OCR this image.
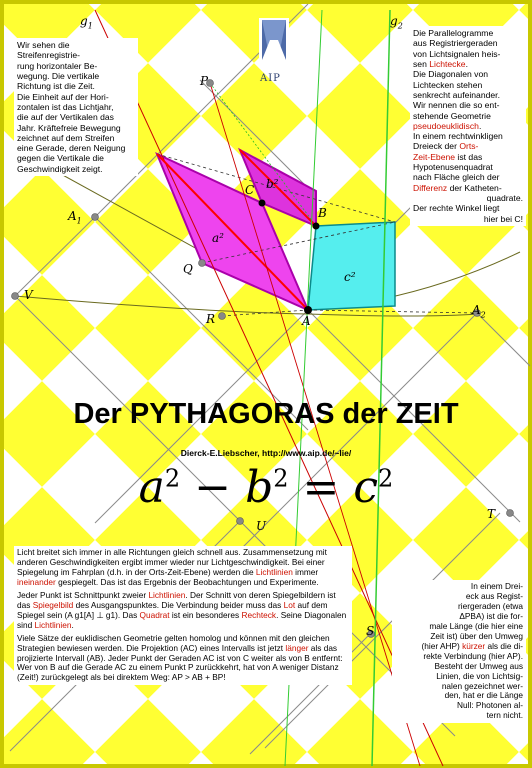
AIP
$g_1$	$g_2$
P
C
B
A
$A_1$
$A_2$
Q
R
V
U
T
S
a²
b²
c²
Der PYTHAGORAS der ZEIT
Dierck-E.Liebscher, http://www.aip.de/~lie/
$a^2 - b^2 = c^2$
Wir sehen die
Streifenregistrie-
rung horizontaler Be-
wegung. Die vertikale
Richtung ist die Zeit.
Die Einheit auf der Hori-
zontalen ist das Lichtjahr,
die auf der Vertikalen das
Jahr. Kräftefreie Bewegung
zeichnet auf dem Streifen
eine Gerade, deren Neigung
gegen die Vertikale die
Geschwindigkeit zeigt.
Die Parallelogramme
aus Registriergeraden
von Lichtsignalen heis-
sen Lichtecke.
Die Diagonalen von
Lichtecken stehen
senkrecht aufeinander.
Wir nennen die so ent-
stehende Geometrie
pseudoeuklidisch.
In einem rechtwinkligen
Dreieck der Orts-
Zeit-Ebene ist das
Hypotenusenquadrat
nach Fläche gleich der
Differenz der Katheten-
quadrate.
Der rechte Winkel liegt
hier bei C!

Licht breitet sich immer in alle Richtungen gleich schnell aus. Zusammensetzung mit anderen Geschwindigkeiten ergibt immer wieder nur Lichtgeschwindigkeit. Bei einer Spiegelung im Fahrplan (d.h. in der Orts-Zeit-Ebene) werden die Lichtlinien immer ineinander gespiegelt. Das ist das Ergebnis der Beobachtungen und Experimente.

Jeder Punkt ist Schnittpunkt zweier Lichtlinien. Der Schnitt von deren Spiegelbildern ist das Spiegelbild des Ausgangspunktes. Die Verbindung beider muss das Lot auf dem Spiegel sein (A g1[A] ⊥ g1). Das Quadrat ist ein besonderes Rechteck. Seine Diagonalen sind Lichtlinien.

Viele Sätze der euklidischen Geometrie gelten homolog und können mit den gleichen Strategien bewiesen werden. Die Projektion (AC) eines Intervalls ist jetzt länger als das projizierte Intervall (AB). Jeder Punkt der Geraden AC ist von C weiter als von B entfernt: Wer von B auf die Gerade AC zu einem Punkt P zurückkehrt, hat von A weniger Distanz (Zeit!) zurückgelegt als bei direktem Weg: AP > AB + BP!

In einem Drei-
eck aus Regist-
riergeraden (etwa
ΔPBA) ist die for-
male Länge (die hier eine
Zeit ist) über den Umweg
(hier AHP) kürzer als die di-
rekte Verbindung (hier AP).
Besteht der Umweg aus
Linien, die von Lichtsig-
nalen gezeichnet wer-
den, hat er die Länge
Null: Photonen al-
tern nicht.
